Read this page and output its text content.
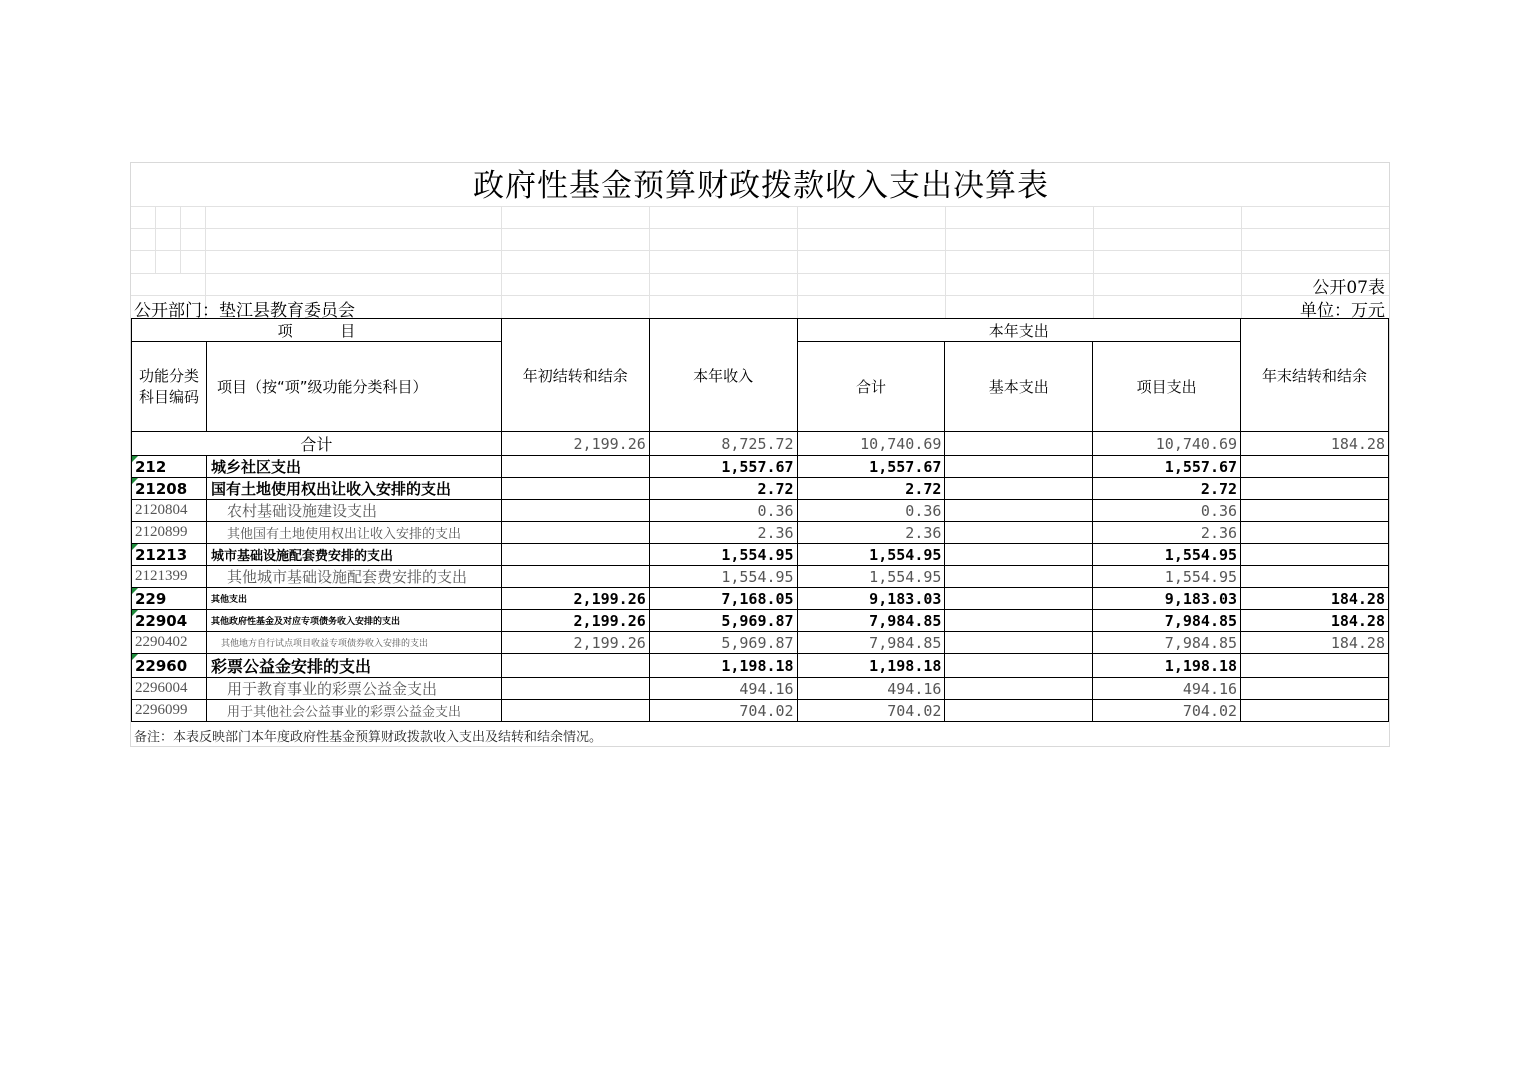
政府性基金预算财政拨款收入支出决算表
公开07表
公开部门：垫江县教育委员会	单位：万元
项          目		年初结转和结余	本年收入	本年支出			年末结转和结余
功能分类科目编码	项目（按“项”级功能分类科目）			合计	基本支出	项目支出	
合计		2,199.26	8,725.72	10,740.69		10,740.69	184.28

212	城乡社区支出		1,557.67	1,557.67		1,557.67	

21208	国有土地使用权出让收入安排的支出		2.72	2.72		2.72	
2120804	农村基础设施建设支出		0.36	0.36		0.36	
2120899	其他国有土地使用权出让收入安排的支出		2.36	2.36		2.36	

21213	城市基础设施配套费安排的支出		1,554.95	1,554.95		1,554.95	
2121399	其他城市基础设施配套费安排的支出		1,554.95	1,554.95		1,554.95	

229	其他支出	2,199.26	7,168.05	9,183.03		9,183.03	184.28

22904	其他政府性基金及对应专项债务收入安排的支出	2,199.26	5,969.87	7,984.85		7,984.85	184.28
2290402	其他地方自行试点项目收益专项债券收入安排的支出	2,199.26	5,969.87	7,984.85		7,984.85	184.28

22960	彩票公益金安排的支出		1,198.18	1,198.18		1,198.18	
2296004	用于教育事业的彩票公益金支出		494.16	494.16		494.16	
2296099	用于其他社会公益事业的彩票公益金支出		704.02	704.02		704.02	
备注：本表反映部门本年度政府性基金预算财政拨款收入支出及结转和结余情况。
